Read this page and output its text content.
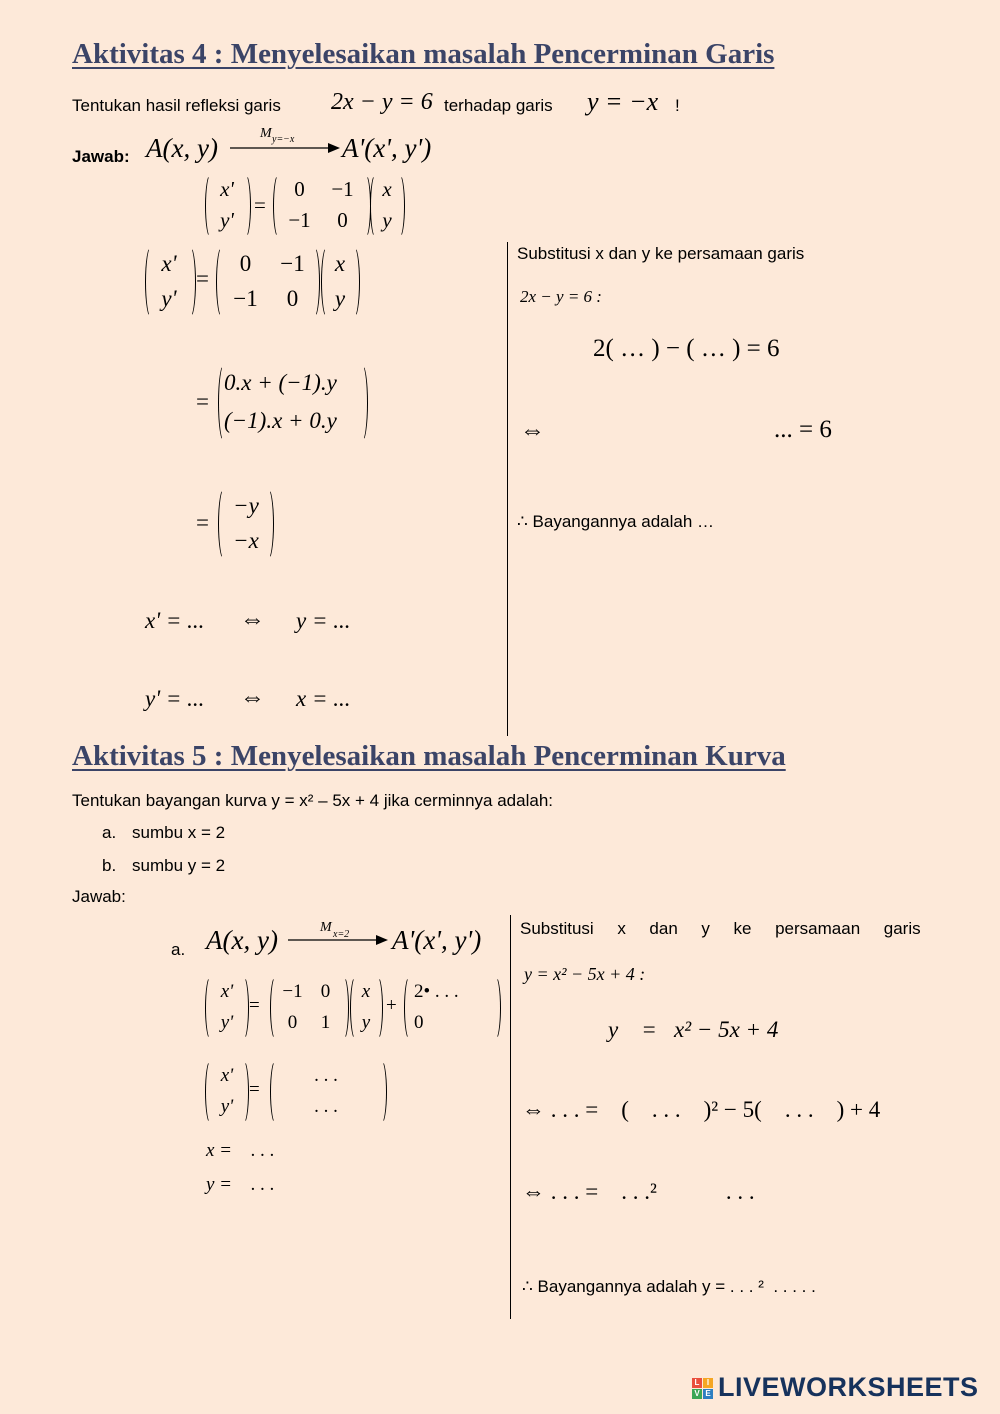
Aktivitas 4 : Menyelesaikan masalah Pencerminan Garis
Tentukan hasil refleksi garis 2x − y = 6 terhadap garis y = −x !
Jawab: A(x, y)	M y=−x A'(x', y')
x'
y'
=
0 −1
−1 0
x
y
x'
y'
=
0 −1
−1 0
x
y
=
0.x + (−1).y
(−1).x + 0.y
=
−y
−x
x' = ... ⇔ y = ...
y' = ... ⇔ x = ...
Substitusi x dan y ke persamaan garis
2x − y = 6 :
2( … ) − ( … ) = 6
⇔	... = 6
∴ Bayangannya adalah …
Aktivitas 5 : Menyelesaikan masalah Pencerminan Kurva
Tentukan bayangan kurva y = x² – 5x + 4 jika cerminnya adalah:
a. sumbu x = 2
b. sumbu y = 2
Jawab:
a. A(x, y)	M x=2 A'(x', y')
x'
y'
=
−1 0
0 1
x
y
+
2• . . .
0
x'
y'
=
. . .
. . .
x =    . . .
y =    . . .
Substitusi     x     dan     y     ke     persamaan     garis
y = x² − 5x + 4 :
y    =   x² − 5x + 4
⇔ . . . =    (    . . .    )² − 5(    . . .    ) + 4
⇔ . . . =    . . .²            . . .
∴ Bayangannya adalah y = . . . ²  . . . . .
L I
V E LIVEWORKSHEETS
